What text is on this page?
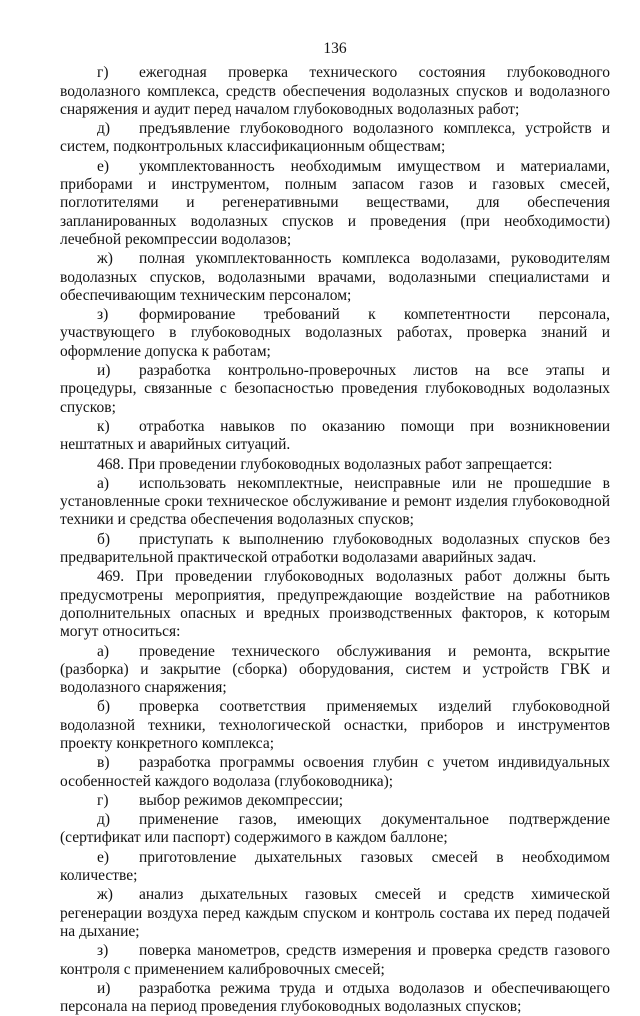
136

г) ежегодная проверка технического состояния глубоководного водолазного комплекса, средств обеспечения водолазных спусков и водолазного снаряжения и аудит перед началом глубоководных водолазных работ;

д) предъявление глубоководного водолазного комплекса, устройств и систем, подконтрольных классификационным обществам;

е) укомплектованность необходимым имуществом и материалами, приборами и инструментом, полным запасом газов и газовых смесей, поглотителями и регенеративными веществами, для обеспечения запланированных водолазных спусков и проведения (при необходимости) лечебной рекомпрессии водолазов;

ж) полная укомплектованность комплекса водолазами, руководителям водолазных спусков, водолазными врачами, водолазными специалистами и обеспечивающим техническим персоналом;

з) формирование требований к компетентности персонала, участвующего в глубоководных водолазных работах, проверка знаний и оформление допуска к работам;

и) разработка контрольно-проверочных листов на все этапы и процедуры, связанные с безопасностью проведения глубоководных водолазных спусков;

к) отработка навыков по оказанию помощи при возникновении нештатных и аварийных ситуаций.

468. При проведении глубоководных водолазных работ запрещается:

а) использовать некомплектные, неисправные или не прошедшие в установленные сроки техническое обслуживание и ремонт изделия глубоководной техники и средства обеспечения водолазных спусков;

б) приступать к выполнению глубоководных водолазных спусков без предварительной практической отработки водолазами аварийных задач.

469. При проведении глубоководных водолазных работ должны быть предусмотрены мероприятия, предупреждающие воздействие на работников дополнительных опасных и вредных производственных факторов, к которым могут относиться:

а) проведение технического обслуживания и ремонта, вскрытие (разборка) и закрытие (сборка) оборудования, систем и устройств ГВК и водолазного снаряжения;

б) проверка соответствия применяемых изделий глубоководной водолазной техники, технологической оснастки, приборов и инструментов проекту конкретного комплекса;

в) разработка программы освоения глубин с учетом индивидуальных особенностей каждого водолаза (глубоководника);

г) выбор режимов декомпрессии;

д) применение газов, имеющих документальное подтверждение (сертификат или паспорт) содержимого в каждом баллоне;

е) приготовление дыхательных газовых смесей в необходимом количестве;

ж) анализ дыхательных газовых смесей и средств химической регенерации воздуха перед каждым спуском и контроль состава их перед подачей на дыхание;

з) поверка манометров, средств измерения и проверка средств газового контроля с применением калибровочных смесей;

и) разработка режима труда и отдыха водолазов и обеспечивающего персонала на период проведения глубоководных водолазных спусков;
